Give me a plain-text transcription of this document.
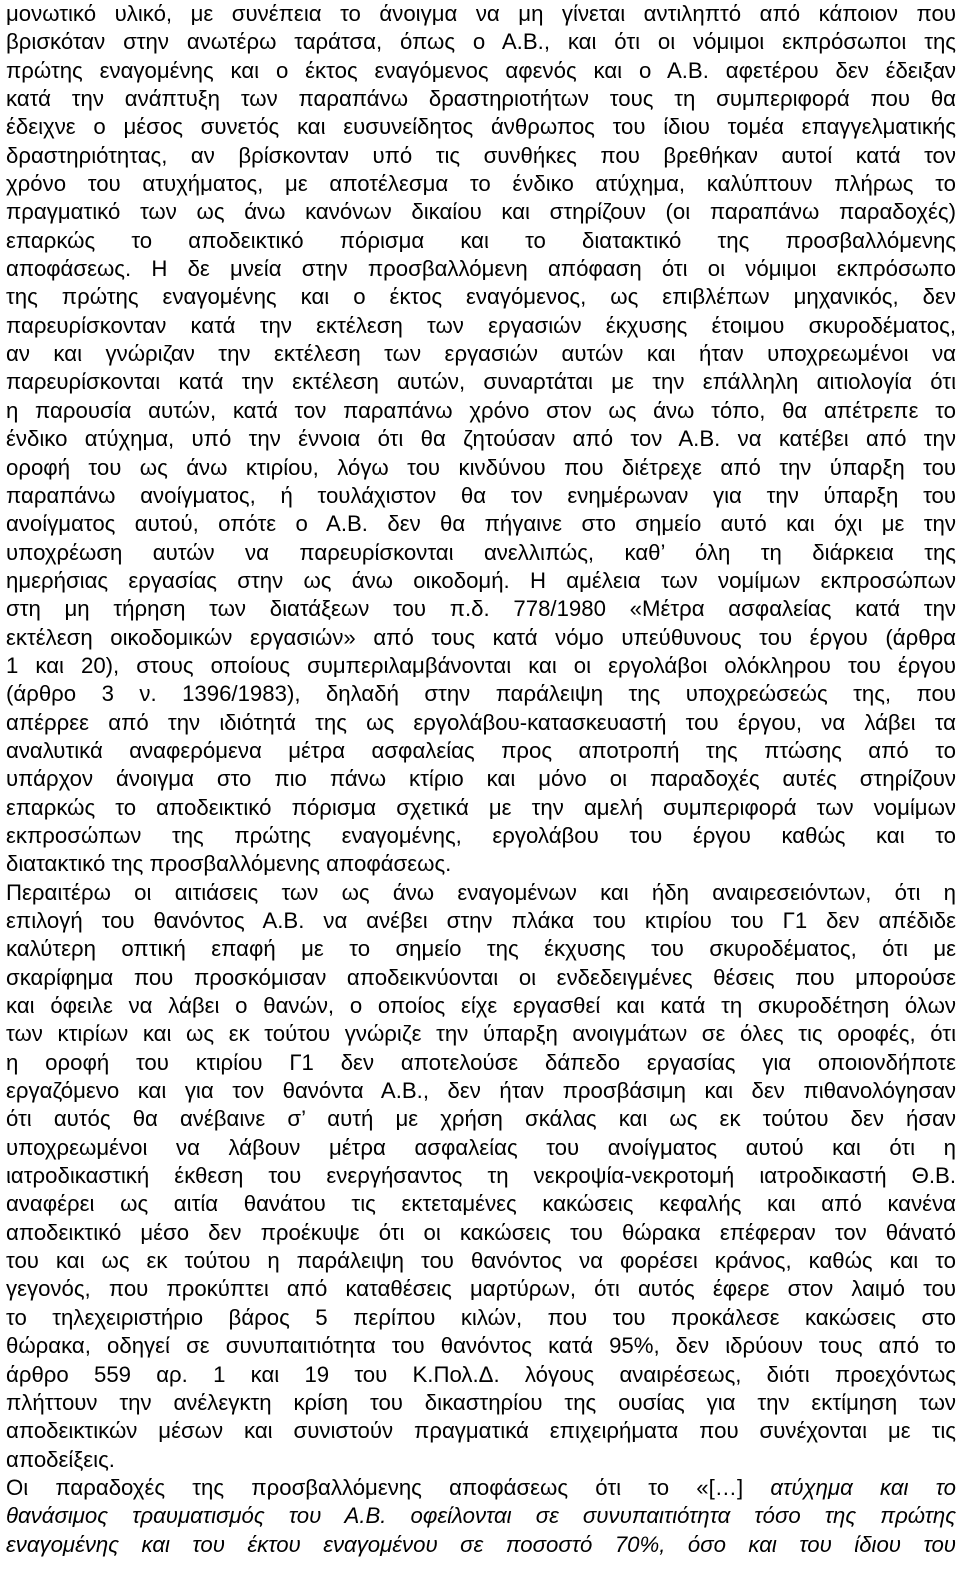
μονωτικό υλικό, με συνέπεια το άνοιγμα να μη γίνεται αντιληπτό από κάποιον που
βρισκόταν στην ανωτέρω ταράτσα, όπως ο Α.Β., και ότι οι νόμιμοι εκπρόσωποι της
πρώτης εναγομένης και ο έκτος εναγόμενος αφενός και ο Α.Β. αφετέρου δεν έδειξαν
κατά την ανάπτυξη των παραπάνω δραστηριοτήτων τους τη συμπεριφορά που θα
έδειχνε ο μέσος συνετός και ευσυνείδητος άνθρωπος του ίδιου τομέα επαγγελματικής
δραστηριότητας, αν βρίσκονταν υπό τις συνθήκες που βρεθήκαν αυτοί κατά τον
χρόνο του ατυχήματος, με αποτέλεσμα το ένδικο ατύχημα, καλύπτουν πλήρως το
πραγματικό των ως άνω κανόνων δικαίου και στηρίζουν (οι παραπάνω παραδοχές)
επαρκώς το αποδεικτικό πόρισμα και το διατακτικό της προσβαλλόμενης
αποφάσεως. Η δε μνεία στην προσβαλλόμενη απόφαση ότι οι νόμιμοι εκπρόσωπο
της πρώτης εναγομένης και ο έκτος εναγόμενος, ως επιβλέπων μηχανικός, δεν
παρευρίσκονταν κατά την εκτέλεση των εργασιών έκχυσης έτοιμου σκυροδέματος,
αν και γνώριζαν την εκτέλεση των εργασιών αυτών και ήταν υποχρεωμένοι να
παρευρίσκονται κατά την εκτέλεση αυτών, συναρτάται με την επάλληλη αιτιολογία ότι
η παρουσία αυτών, κατά τον παραπάνω χρόνο στον ως άνω τόπο, θα απέτρεπε το
ένδικο ατύχημα, υπό την έννοια ότι θα ζητούσαν από τον Α.Β. να κατέβει από την
οροφή του ως άνω κτιρίου, λόγω του κινδύνου που διέτρεχε από την ύπαρξη του
παραπάνω ανοίγματος, ή τουλάχιστον θα τον ενημέρωναν για την ύπαρξη του
ανοίγματος αυτού, οπότε ο Α.Β. δεν θα πήγαινε στο σημείο αυτό και όχι με την
υποχρέωση αυτών να παρευρίσκονται ανελλιπώς, καθ’ όλη τη διάρκεια της
ημερήσιας εργασίας στην ως άνω οικοδομή. Η αμέλεια των νομίμων εκπροσώπων
στη μη τήρηση των διατάξεων του π.δ. 778/1980 «Μέτρα ασφαλείας κατά την
εκτέλεση οικοδομικών εργασιών» από τους κατά νόμο υπεύθυνους του έργου (άρθρα
1 και 20), στους οποίους συμπεριλαμβάνονται και οι εργολάβοι ολόκληρου του έργου
(άρθρο 3 ν. 1396/1983), δηλαδή στην παράλειψη της υποχρεώσεώς της, που
απέρρεε από την ιδιότητά της ως εργολάβου-κατασκευαστή του έργου, να λάβει τα
αναλυτικά αναφερόμενα μέτρα ασφαλείας προς αποτροπή της πτώσης από το
υπάρχον άνοιγμα στο πιο πάνω κτίριο και μόνο οι παραδοχές αυτές στηρίζουν
επαρκώς το αποδεικτικό πόρισμα σχετικά με την αμελή συμπεριφορά των νομίμων
εκπροσώπων της πρώτης εναγομένης, εργολάβου του έργου καθώς και το
διατακτικό της προσβαλλόμενης αποφάσεως.
Περαιτέρω οι αιτιάσεις των ως άνω εναγομένων και ήδη αναιρεσειόντων, ότι η
επιλογή του θανόντος Α.Β. να ανέβει στην πλάκα του κτιρίου του Γ1 δεν απέδιδε
καλύτερη οπτική επαφή με το σημείο της έκχυσης του σκυροδέματος, ότι με
σκαρίφημα που προσκόμισαν αποδεικνύονται οι ενδεδειγμένες θέσεις που μπορούσε
και όφειλε να λάβει ο θανών, ο οποίος είχε εργασθεί και κατά τη σκυροδέτηση όλων
των κτιρίων και ως εκ τούτου γνώριζε την ύπαρξη ανοιγμάτων σε όλες τις οροφές, ότι
η οροφή του κτιρίου Γ1 δεν αποτελούσε δάπεδο εργασίας για οποιονδήποτε
εργαζόμενο και για τον θανόντα Α.Β., δεν ήταν προσβάσιμη και δεν πιθανολόγησαν
ότι αυτός θα ανέβαινε σ’ αυτή με χρήση σκάλας και ως εκ τούτου δεν ήσαν
υποχρεωμένοι να λάβουν μέτρα ασφαλείας του ανοίγματος αυτού και ότι η
ιατροδικαστική έκθεση του ενεργήσαντος τη νεκροψία-νεκροτομή ιατροδικαστή Θ.Β.
αναφέρει ως αιτία θανάτου τις εκτεταμένες κακώσεις κεφαλής και από κανένα
αποδεικτικό μέσο δεν προέκυψε ότι οι κακώσεις του θώρακα επέφεραν τον θάνατό
του και ως εκ τούτου η παράλειψη του θανόντος να φορέσει κράνος, καθώς και το
γεγονός, που προκύπτει από καταθέσεις μαρτύρων, ότι αυτός έφερε στον λαιμό του
το τηλεχειριστήριο βάρος 5 περίπου κιλών, που του προκάλεσε κακώσεις στο
θώρακα, οδηγεί σε συνυπαιτιότητα του θανόντος κατά 95%, δεν ιδρύουν τους από το
άρθρο 559 αρ. 1 και 19 του Κ.Πολ.Δ. λόγους αναιρέσεως, διότι προεχόντως
πλήττουν την ανέλεγκτη κρίση του δικαστηρίου της ουσίας για την εκτίμηση των
αποδεικτικών μέσων και συνιστούν πραγματικά επιχειρήματα που συνέχονται με τις
αποδείξεις.
Οι παραδοχές της προσβαλλόμενης αποφάσεως ότι το «[…] ατύχημα και το
θανάσιμος τραυματισμός του Α.Β. οφείλονται σε συνυπαιτιότητα τόσο της πρώτης
εναγομένης και του έκτου εναγομένου σε ποσοστό 70%, όσο και του ίδιου του
